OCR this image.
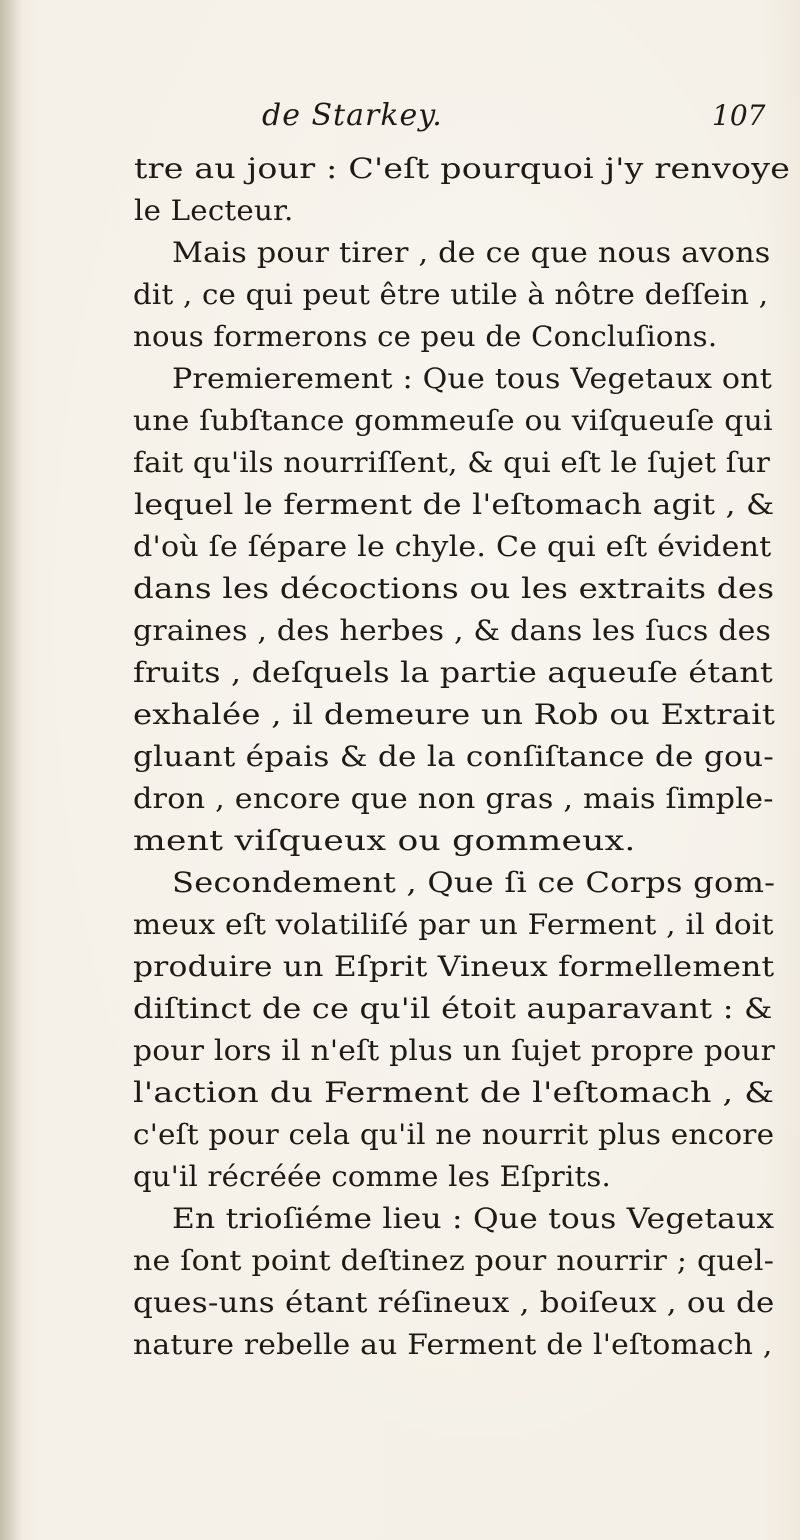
de Starkey.	107
tre au jour : C'eſt pourquoi j'y renvoye
le Lecteur.
Mais pour tirer , de ce que nous avons
dit , ce qui peut être utile à nôtre deſſein ,
nous formerons ce peu de Concluſions.
Premierement : Que tous Vegetaux ont
une ſubſtance gommeuſe ou viſqueuſe qui
fait qu'ils nourriſſent, & qui eſt le ſujet ſur
lequel le ferment de l'eſtomach agit , &
d'où ſe ſépare le chyle. Ce qui eſt évident
dans les décoctions ou les extraits des
graines , des herbes , & dans les ſucs des
fruits , deſquels la partie aqueuſe étant
exhalée , il demeure un Rob ou Extrait
gluant épais & de la conſiſtance de gou-
dron , encore que non gras , mais ſimple-
ment viſqueux ou gommeux.
Secondement , Que ſi ce Corps gom-
meux eſt volatiliſé par un Ferment , il doit
produire un Eſprit Vineux formellement
diſtinct de ce qu'il étoit auparavant : &
pour lors il n'eſt plus un ſujet propre pour
l'action du Ferment de l'eſtomach , &
c'eſt pour cela qu'il ne nourrit plus encore
qu'il récréée comme les Eſprits.
En trioſiéme lieu : Que tous Vegetaux
ne ſont point deſtinez pour nourrir ; quel-
ques-uns étant réſineux , boiſeux , ou de
nature rebelle au Ferment de l'eſtomach ,
